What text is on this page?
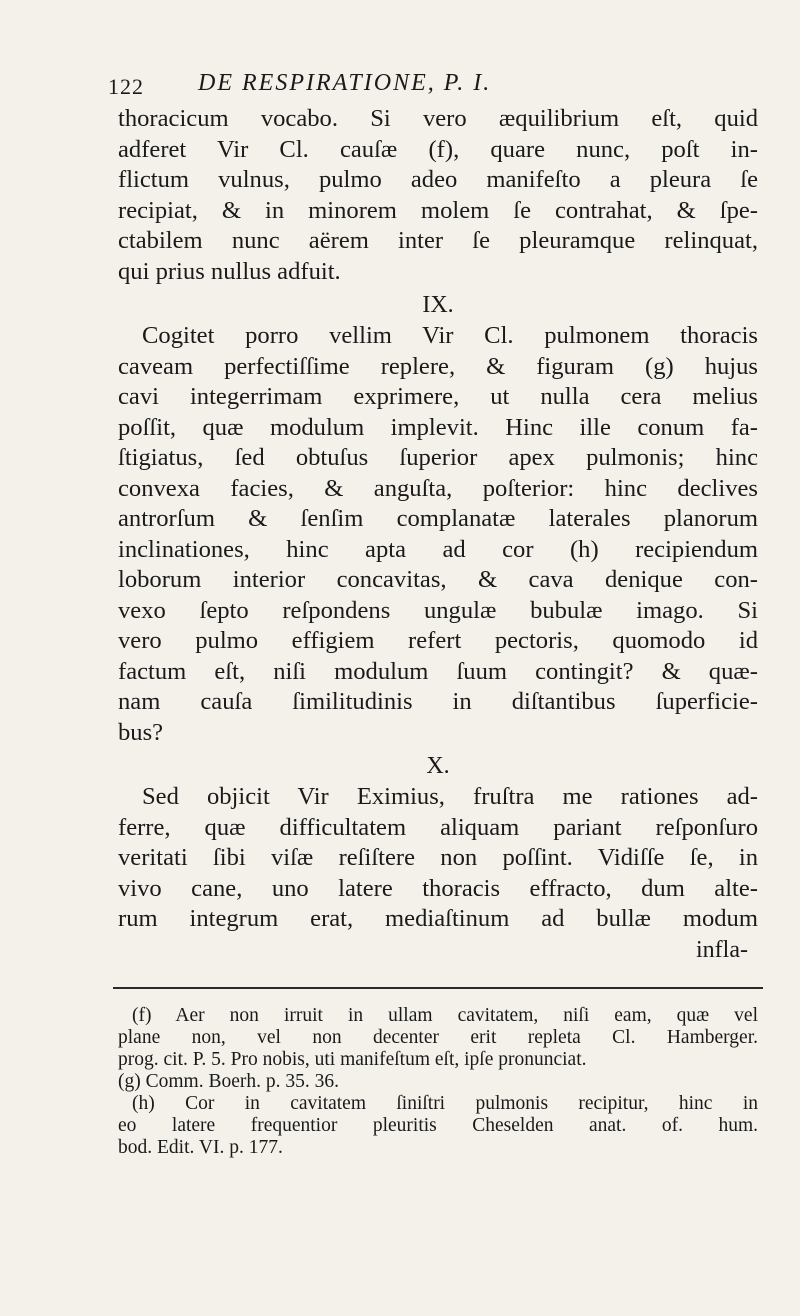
122 DE RESPIRATIONE, P. I.

thoracicum vocabo. Si vero æquilibrium eſt, quid
adferet Vir Cl. cauſæ (f), quare nunc, poſt in-
flictum vulnus, pulmo adeo manifeſto a pleura ſe
recipiat, & in minorem molem ſe contrahat, & ſpe-
ctabilem nunc aërem inter ſe pleuramque relinquat,
qui prius nullus adfuit.

IX.

Cogitet porro vellim Vir Cl. pulmonem thoracis
caveam perfectiſſime replere, & figuram (g) hujus
cavi integerrimam exprimere, ut nulla cera melius
poſſit, quæ modulum implevit. Hinc ille conum fa-
ſtigiatus, ſed obtuſus ſuperior apex pulmonis; hinc
convexa facies, & anguſta, poſterior: hinc declives
antrorſum & ſenſim complanatæ laterales planorum
inclinationes, hinc apta ad cor (h) recipiendum
loborum interior concavitas, & cava denique con-
vexo ſepto reſpondens ungulæ bubulæ imago. Si
vero pulmo effigiem refert pectoris, quomodo id
factum eſt, niſi modulum ſuum contingit? & quæ-
nam cauſa ſimilitudinis in diſtantibus ſuperficie-
bus?

X.

Sed objicit Vir Eximius, fruſtra me rationes ad-
ferre, quæ difficultatem aliquam pariant reſponſuro
veritati ſibi viſæ reſiſtere non poſſint. Vidiſſe ſe, in
vivo cane, uno latere thoracis effracto, dum alte-
rum integrum erat, mediaſtinum ad bullæ modum

infla-
(f) Aer non irruit in ullam cavitatem, niſi eam, quæ vel
plane non, vel non decenter erit repleta Cl. Hamberger.
prog. cit. P. 5. Pro nobis, uti manifeſtum eſt, ipſe pronunciat.
(g) Comm. Boerh. p. 35. 36.
(h) Cor in cavitatem ſiniſtri pulmonis recipitur, hinc in
eo latere frequentior pleuritis Cheselden anat. of. hum.
bod. Edit. VI. p. 177.
